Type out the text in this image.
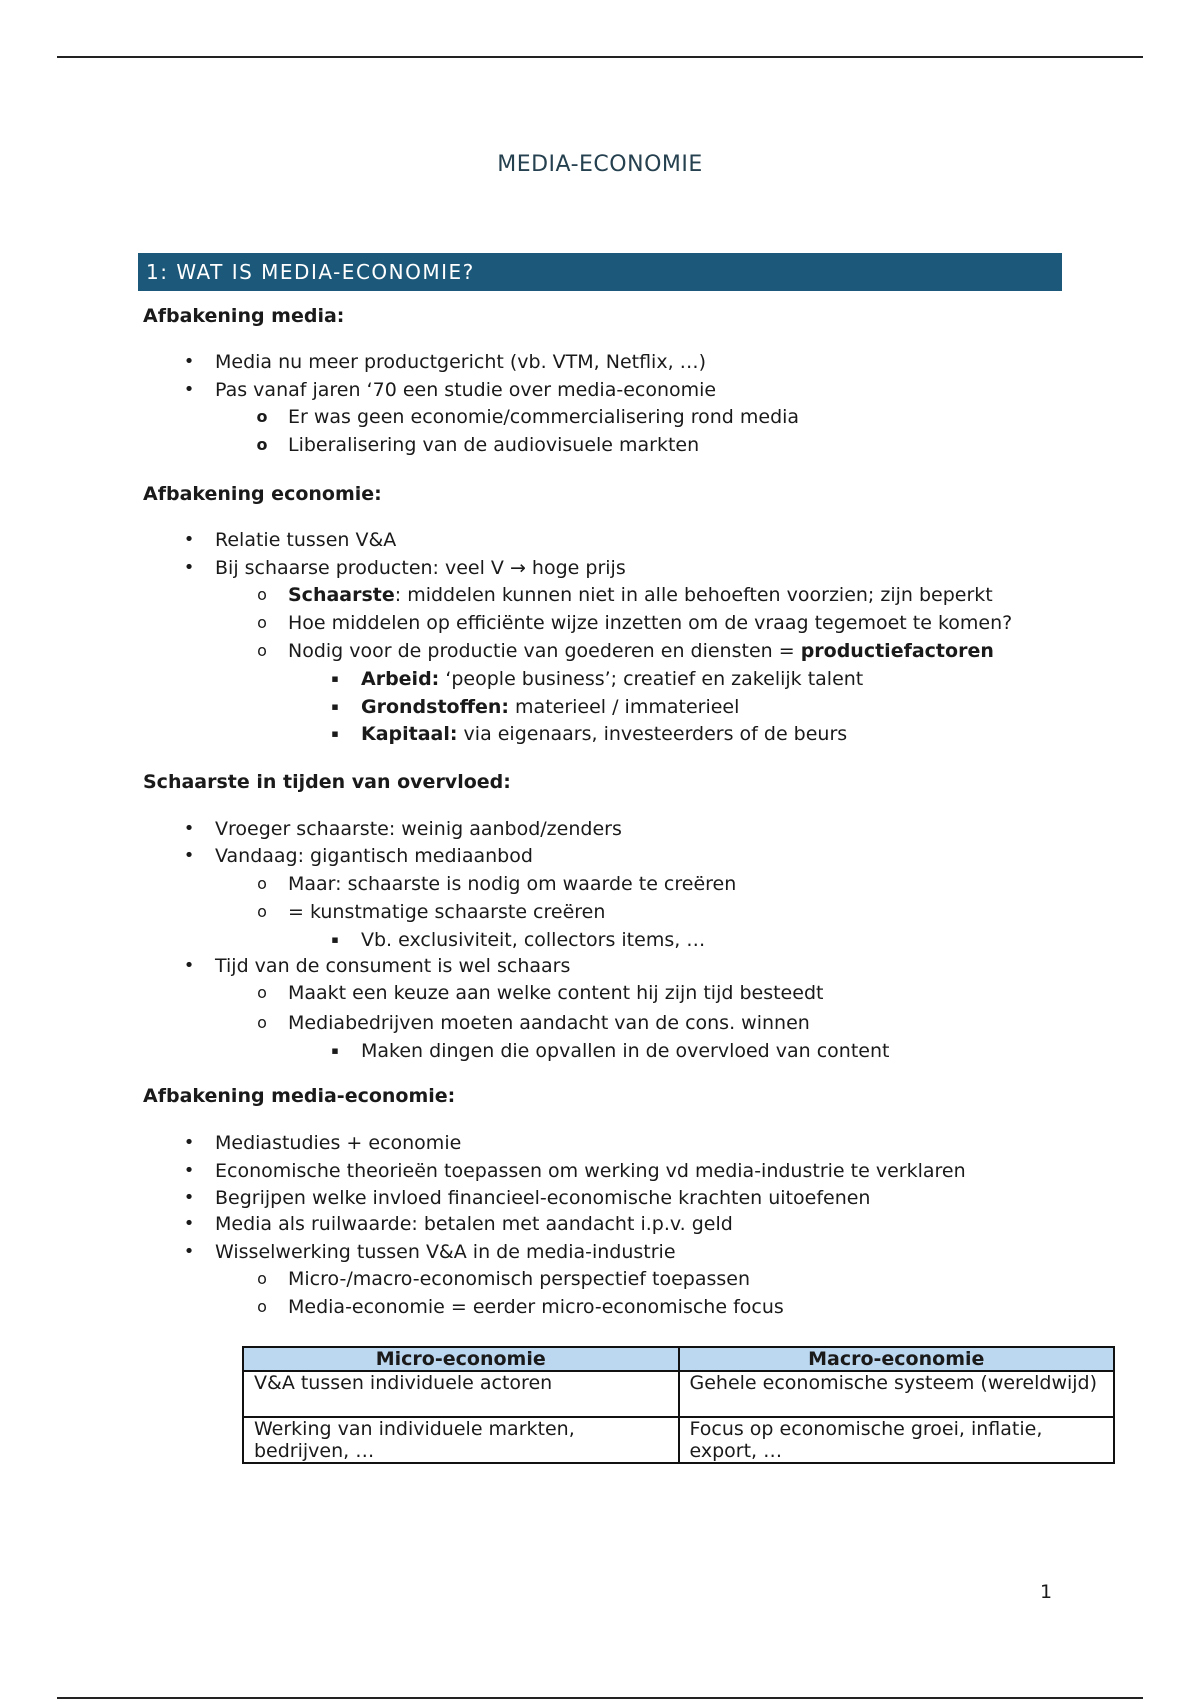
MEDIA-ECONOMIE
1: WAT IS MEDIA-ECONOMIE?
Afbakening media:
• Media nu meer productgericht (vb. VTM, Netflix, …)
• Pas vanaf jaren ‘70 een studie over media-economie
o Er was geen economie/commercialisering rond media
o Liberalisering van de audiovisuele markten
Afbakening economie:
• Relatie tussen V&A
• Bij schaarse producten: veel V → hoge prijs
o Schaarste: middelen kunnen niet in alle behoeften voorzien; zijn beperkt
o Hoe middelen op efficiënte wijze inzetten om de vraag tegemoet te komen?
o Nodig voor de productie van goederen en diensten = productiefactoren
▪ Arbeid: ‘people business’; creatief en zakelijk talent
▪ Grondstoffen: materieel / immaterieel
▪ Kapitaal: via eigenaars, investeerders of de beurs
Schaarste in tijden van overvloed:
• Vroeger schaarste: weinig aanbod/zenders
• Vandaag: gigantisch mediaanbod
o Maar: schaarste is nodig om waarde te creëren
o = kunstmatige schaarste creëren
▪ Vb. exclusiviteit, collectors items, …
• Tijd van de consument is wel schaars
o Maakt een keuze aan welke content hij zijn tijd besteedt
o Mediabedrijven moeten aandacht van de cons. winnen
▪ Maken dingen die opvallen in de overvloed van content
Afbakening media-economie:
• Mediastudies + economie
• Economische theorieën toepassen om werking vd media-industrie te verklaren
• Begrijpen welke invloed financieel-economische krachten uitoefenen
• Media als ruilwaarde: betalen met aandacht i.p.v. geld
• Wisselwerking tussen V&A in de media-industrie
o Micro-/macro-economisch perspectief toepassen
o Media-economie = eerder micro-economische focus
Micro-economie	Macro-economie
V&A tussen individuele actoren	Gehele economische systeem (wereldwijd)
Werking van individuele markten, bedrijven, …	Focus op economische groei, inflatie, export, …
1
